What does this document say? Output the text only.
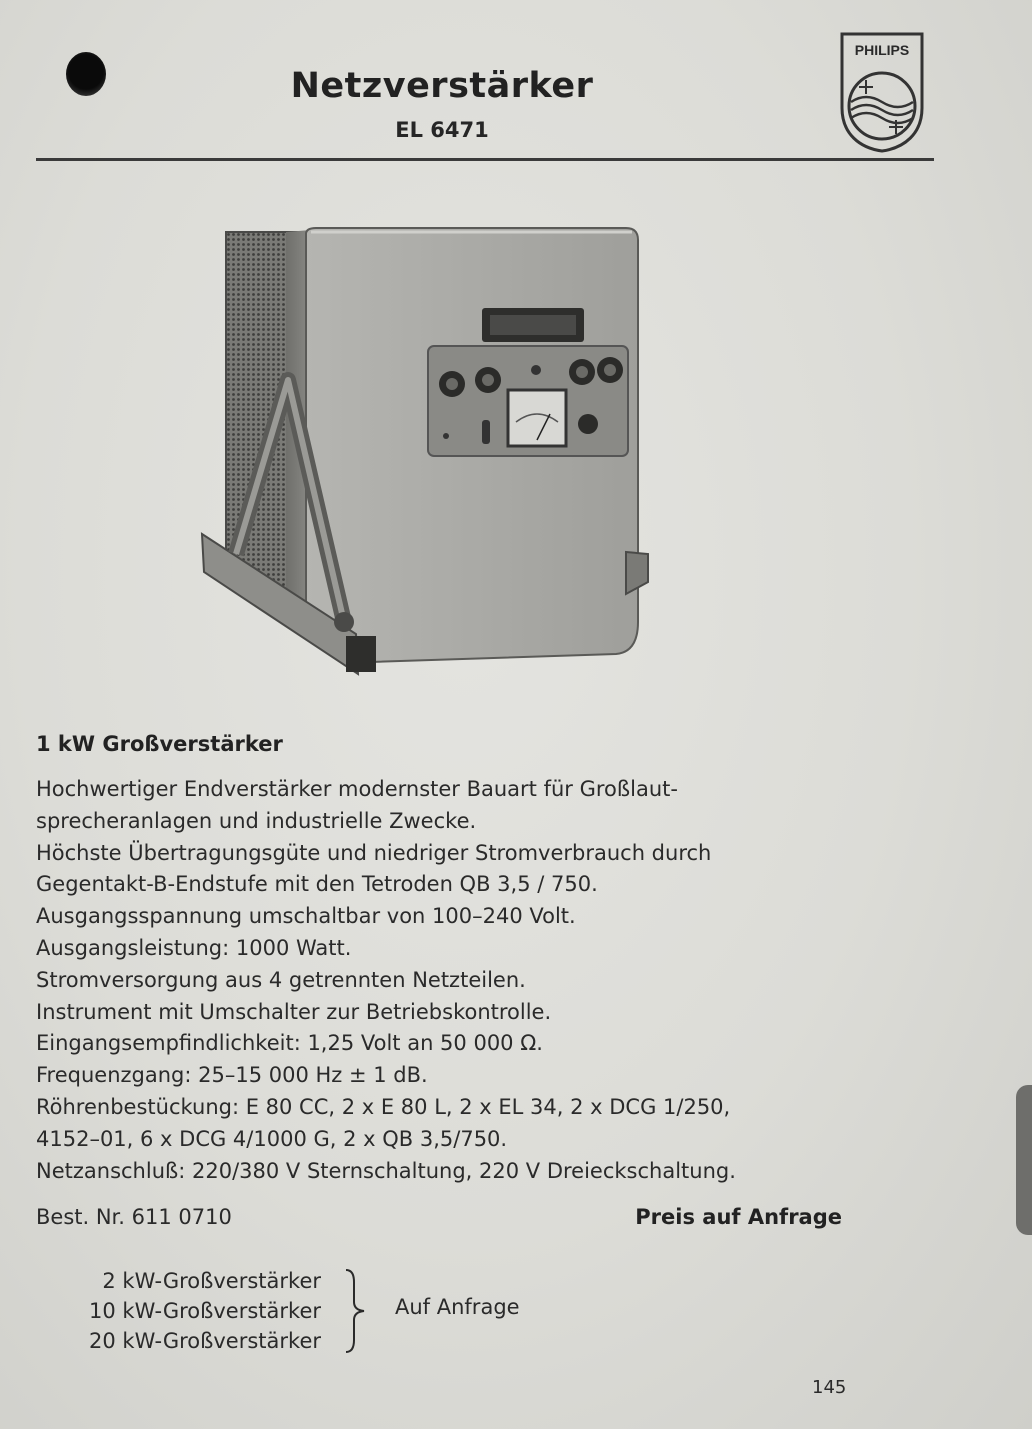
Netzverstärker
EL 6471
PHILIPS
1 kW Großverstärker
Hochwertiger Endverstärker modernster Bauart für Großlaut-
sprecheranlagen und industrielle Zwecke.
Höchste Übertragungsgüte und niedriger Stromverbrauch durch
Gegentakt-B-Endstufe mit den Tetroden QB 3,5 / 750.
Ausgangsspannung umschaltbar von 100–240 Volt.
Ausgangsleistung: 1000 Watt.
Stromversorgung aus 4 getrennten Netzteilen.
Instrument mit Umschalter zur Betriebskontrolle.
Eingangsempfindlichkeit: 1,25 Volt an 50 000 Ω.
Frequenzgang: 25–15 000 Hz ± 1 dB.
Röhrenbestückung: E 80 CC, 2 x E 80 L, 2 x EL 34, 2 x DCG 1/250,
4152–01, 6 x DCG 4/1000 G, 2 x QB 3,5/750.
Netzanschluß: 220/380 V Sternschaltung, 220 V Dreieckschaltung.
Best. Nr. 611 0710	Preis auf Anfrage
2 kW-Großverstärker
10 kW-Großverstärker
20 kW-Großverstärker
Auf Anfrage
145
